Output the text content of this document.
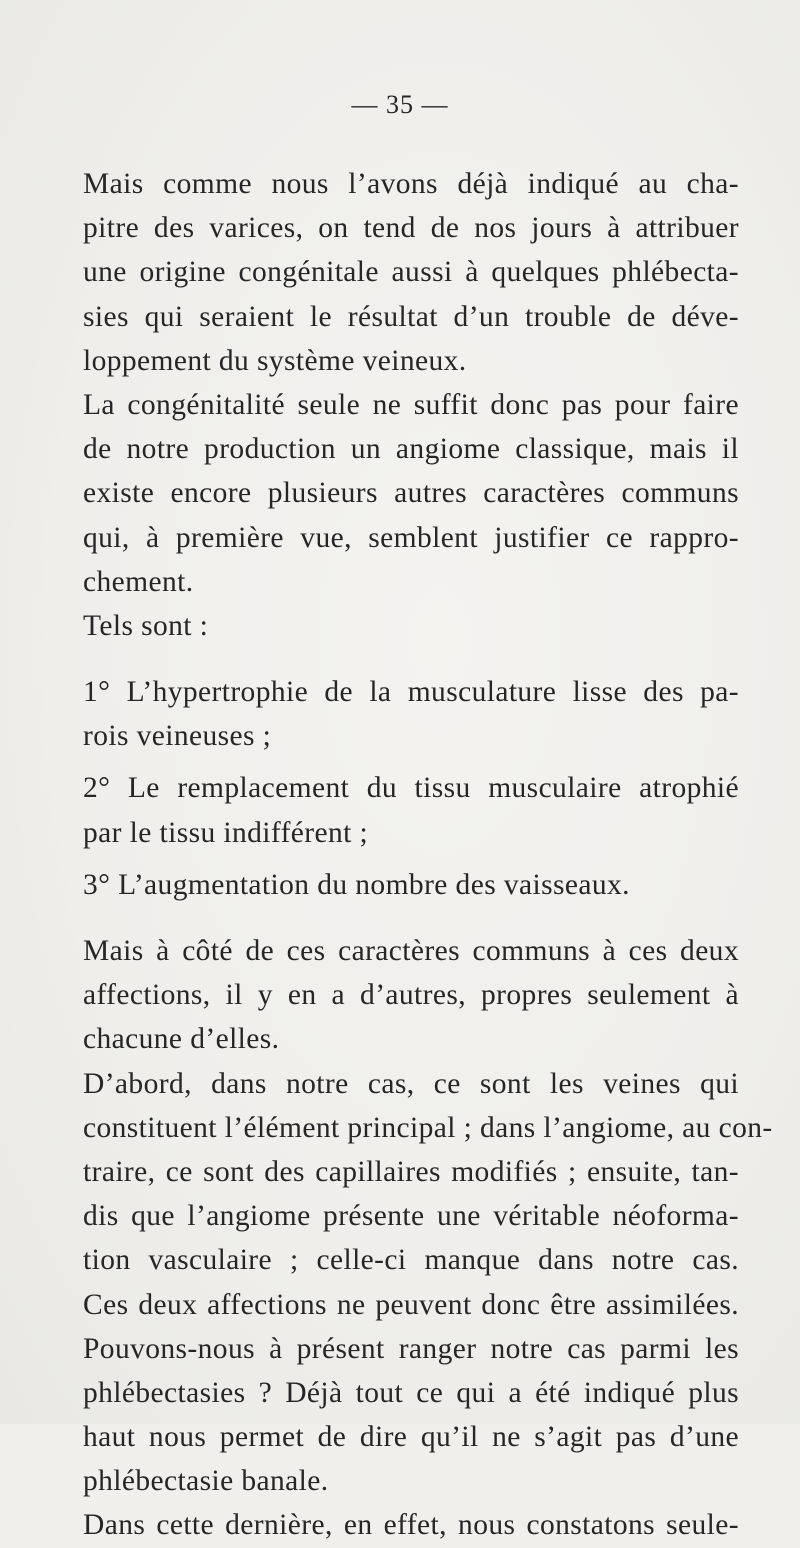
— 35 —
Mais comme nous l’avons déjà indiqué au cha-
pitre des varices, on tend de nos jours à attribuer
une origine congénitale aussi à quelques phlébecta-
sies qui seraient le résultat d’un trouble de déve-
loppement du système veineux.
La congénitalité seule ne suffit donc pas pour faire
de notre production un angiome classique, mais il
existe encore plusieurs autres caractères communs
qui, à première vue, semblent justifier ce rappro-
chement.
Tels sont :
1° L’hypertrophie de la musculature lisse des pa-
rois veineuses ;
2° Le remplacement du tissu musculaire atrophié
par le tissu indifférent ;
3° L’augmentation du nombre des vaisseaux.
Mais à côté de ces caractères communs à ces deux
affections, il y en a d’autres, propres seulement à
chacune d’elles.
D’abord, dans notre cas, ce sont les veines qui
constituent l’élément principal ; dans l’angiome, au con-
traire, ce sont des capillaires modifiés ; ensuite, tan-
dis que l’angiome présente une véritable néoforma-
tion vasculaire ; celle-ci manque dans notre cas.
Ces deux affections ne peuvent donc être assimilées.
Pouvons-nous à présent ranger notre cas parmi les
phlébectasies ? Déjà tout ce qui a été indiqué plus
haut nous permet de dire qu’il ne s’agit pas d’une
phlébectasie banale.
Dans cette dernière, en effet, nous constatons seule-
